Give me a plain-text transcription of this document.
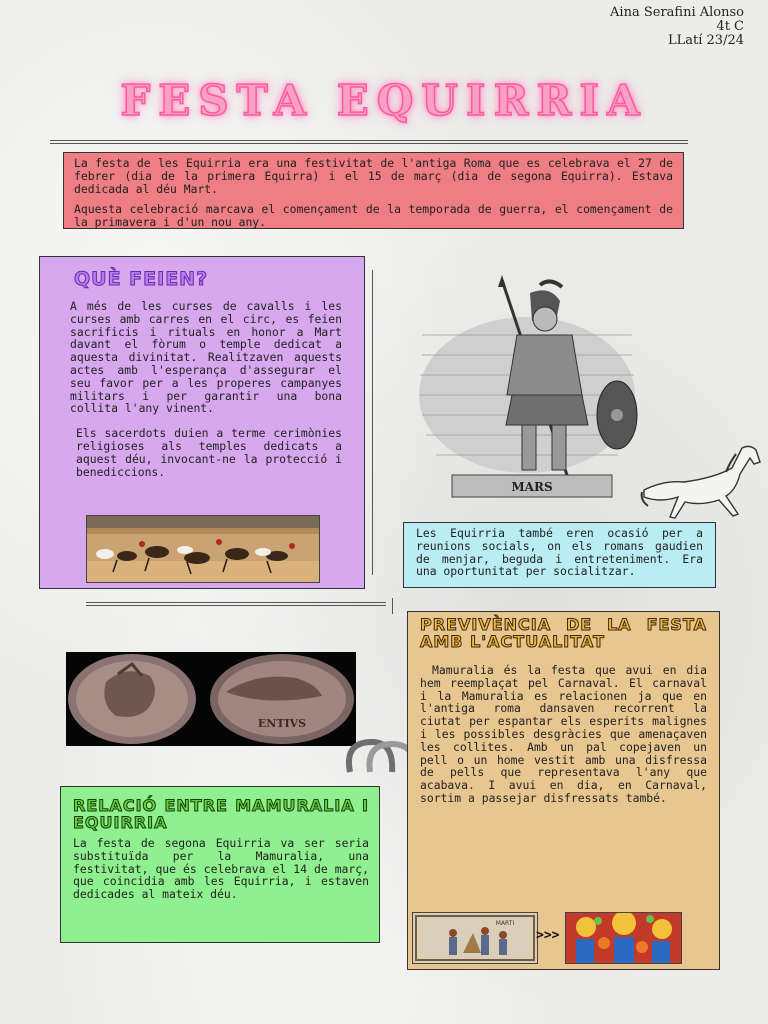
Aina Serafini Alonso
4t C
LLatí 23/24
FESTA EQUIRRIA

La festa de les Equirria era una festivitat de l'antiga Roma que es celebrava el 27 de febrer (dia de la primera Equirra) i el 15 de març (dia de segona Equirra). Estava dedicada al déu Mart.

Aquesta celebració marcava el començament de la temporada de guerra, el començament de la primavera i d'un nou any.

QUÈ FEIEN?

A més de les curses de cavalls i les curses amb carres en el circ, es feien sacrificis i rituals en honor a Mart davant el fòrum o temple dedicat a aquesta divinitat. Realitzaven aquests actes amb l'esperança d'assegurar el seu favor per a les properes campanyes militars i per garantir una bona collita l'any vinent.

Els sacerdots duien a terme cerimònies religioses als temples dedicats a aquest déu, invocant-ne la protecció i benediccions.

MARS

Les Equirria també eren ocasió per a reunions socials, on els romans gaudien de menjar, beguda i entreteniment. Era una oportunitat per socialitzar.

ENTIVS
PREVIVÈNCIA DE LA FESTA AMB L'ACTUALITAT

Mamuralia és la festa que avui en dia hem reemplaçat pel Carnaval. El carnaval i la Mamuralia es relacionen ja que en l'antiga roma dansaven recorrent la ciutat per espantar els esperits malignes i les possibles desgràcies que amenaçaven les collites. Amb un pal copejaven un pell o un home vestit amb una disfressa de pells que representava l'any que acabava. I avui en dia, en Carnaval, sortim a passejar disfressats també.

MARTI
>>>
RELACIÓ ENTRE MAMURALIA I EQUIRRIA

La festa de segona Equirria va ser seria substituïda per la Mamuralia, una festivitat, que és celebrava el 14 de març, que coincidia amb les Equirria, i estaven dedicades al mateix déu.
